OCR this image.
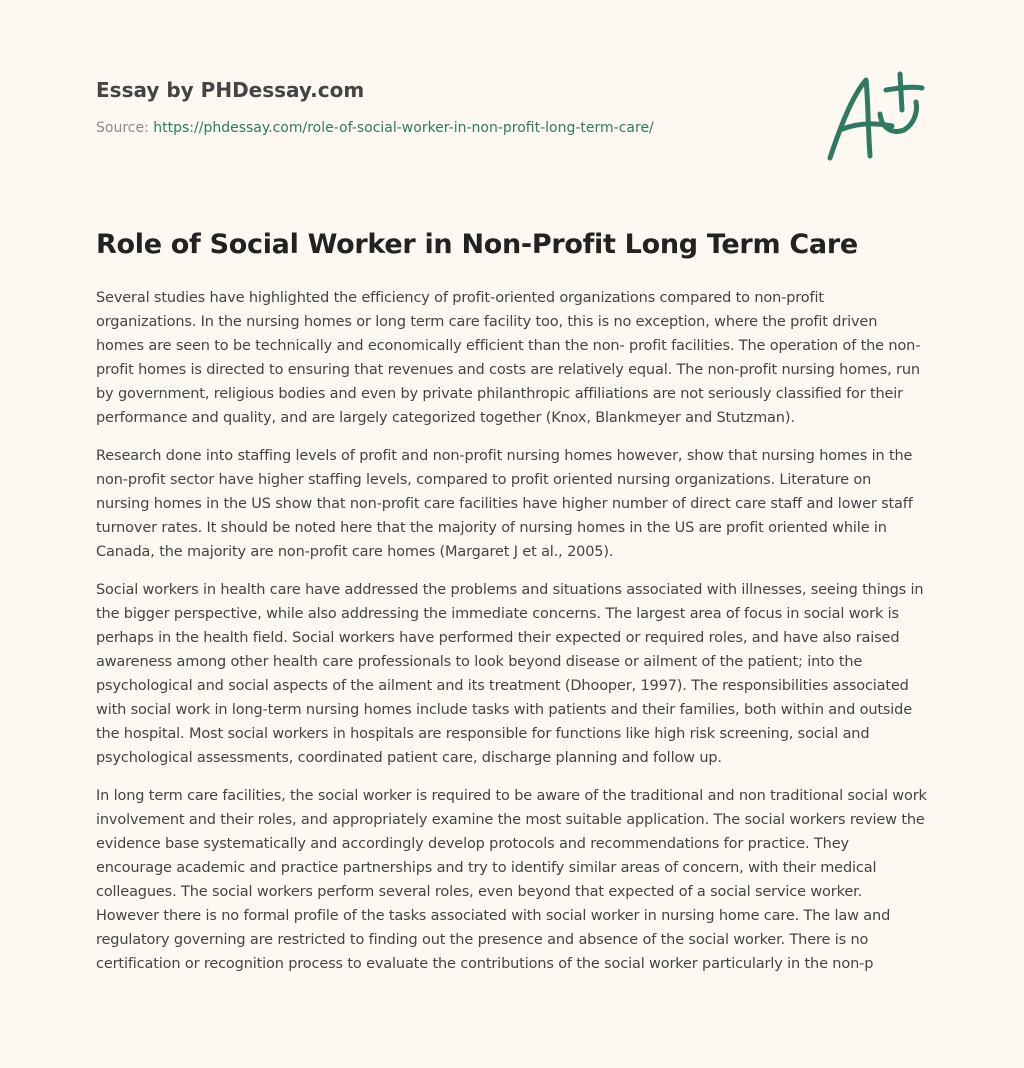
Essay by PHDessay.com
Source: https://phdessay.com/role-of-social-worker-in-non-profit-long-term-care/
Role of Social Worker in Non-Profit Long Term Care

Several studies have highlighted the efficiency of profit-oriented organizations compared to non-profit organizations. In the nursing homes or long term care facility too, this is no exception, where the profit driven homes are seen to be technically and economically efficient than the non- profit facilities. The operation of the non-profit homes is directed to ensuring that revenues and costs are relatively equal. The non-profit nursing homes, run by government, religious bodies and even by private philanthropic affiliations are not seriously classified for their performance and quality, and are largely categorized together (Knox, Blankmeyer and Stutzman).

Research done into staffing levels of profit and non-profit nursing homes however, show that nursing homes in the non-profit sector have higher staffing levels, compared to profit oriented nursing organizations. Literature on nursing homes in the US show that non-profit care facilities have higher number of direct care staff and lower staff turnover rates. It should be noted here that the majority of nursing homes in the US are profit oriented while in Canada, the majority are non-profit care homes (Margaret J et al., 2005).

Social workers in health care have addressed the problems and situations associated with illnesses, seeing things in the bigger perspective, while also addressing the immediate concerns. The largest area of focus in social work is perhaps in the health field. Social workers have performed their expected or required roles, and have also raised awareness among other health care professionals to look beyond disease or ailment of the patient; into the psychological and social aspects of the ailment and its treatment (Dhooper, 1997). The responsibilities associated with social work in long-term nursing homes include tasks with patients and their families, both within and outside the hospital. Most social workers in hospitals are responsible for functions like high risk screening, social and psychological assessments, coordinated patient care, discharge planning and follow up.

In long term care facilities, the social worker is required to be aware of the traditional and non traditional social work involvement and their roles, and appropriately examine the most suitable application. The social workers review the evidence base systematically and accordingly develop protocols and recommendations for practice. They encourage academic and practice partnerships and try to identify similar areas of concern, with their medical colleagues. The social workers perform several roles, even beyond that expected of a social service worker. However there is no formal profile of the tasks associated with social worker in nursing home care. The law and regulatory governing are restricted to finding out the presence and absence of the social worker. There is no certification or recognition process to evaluate the contributions of the social worker particularly in the non-p
